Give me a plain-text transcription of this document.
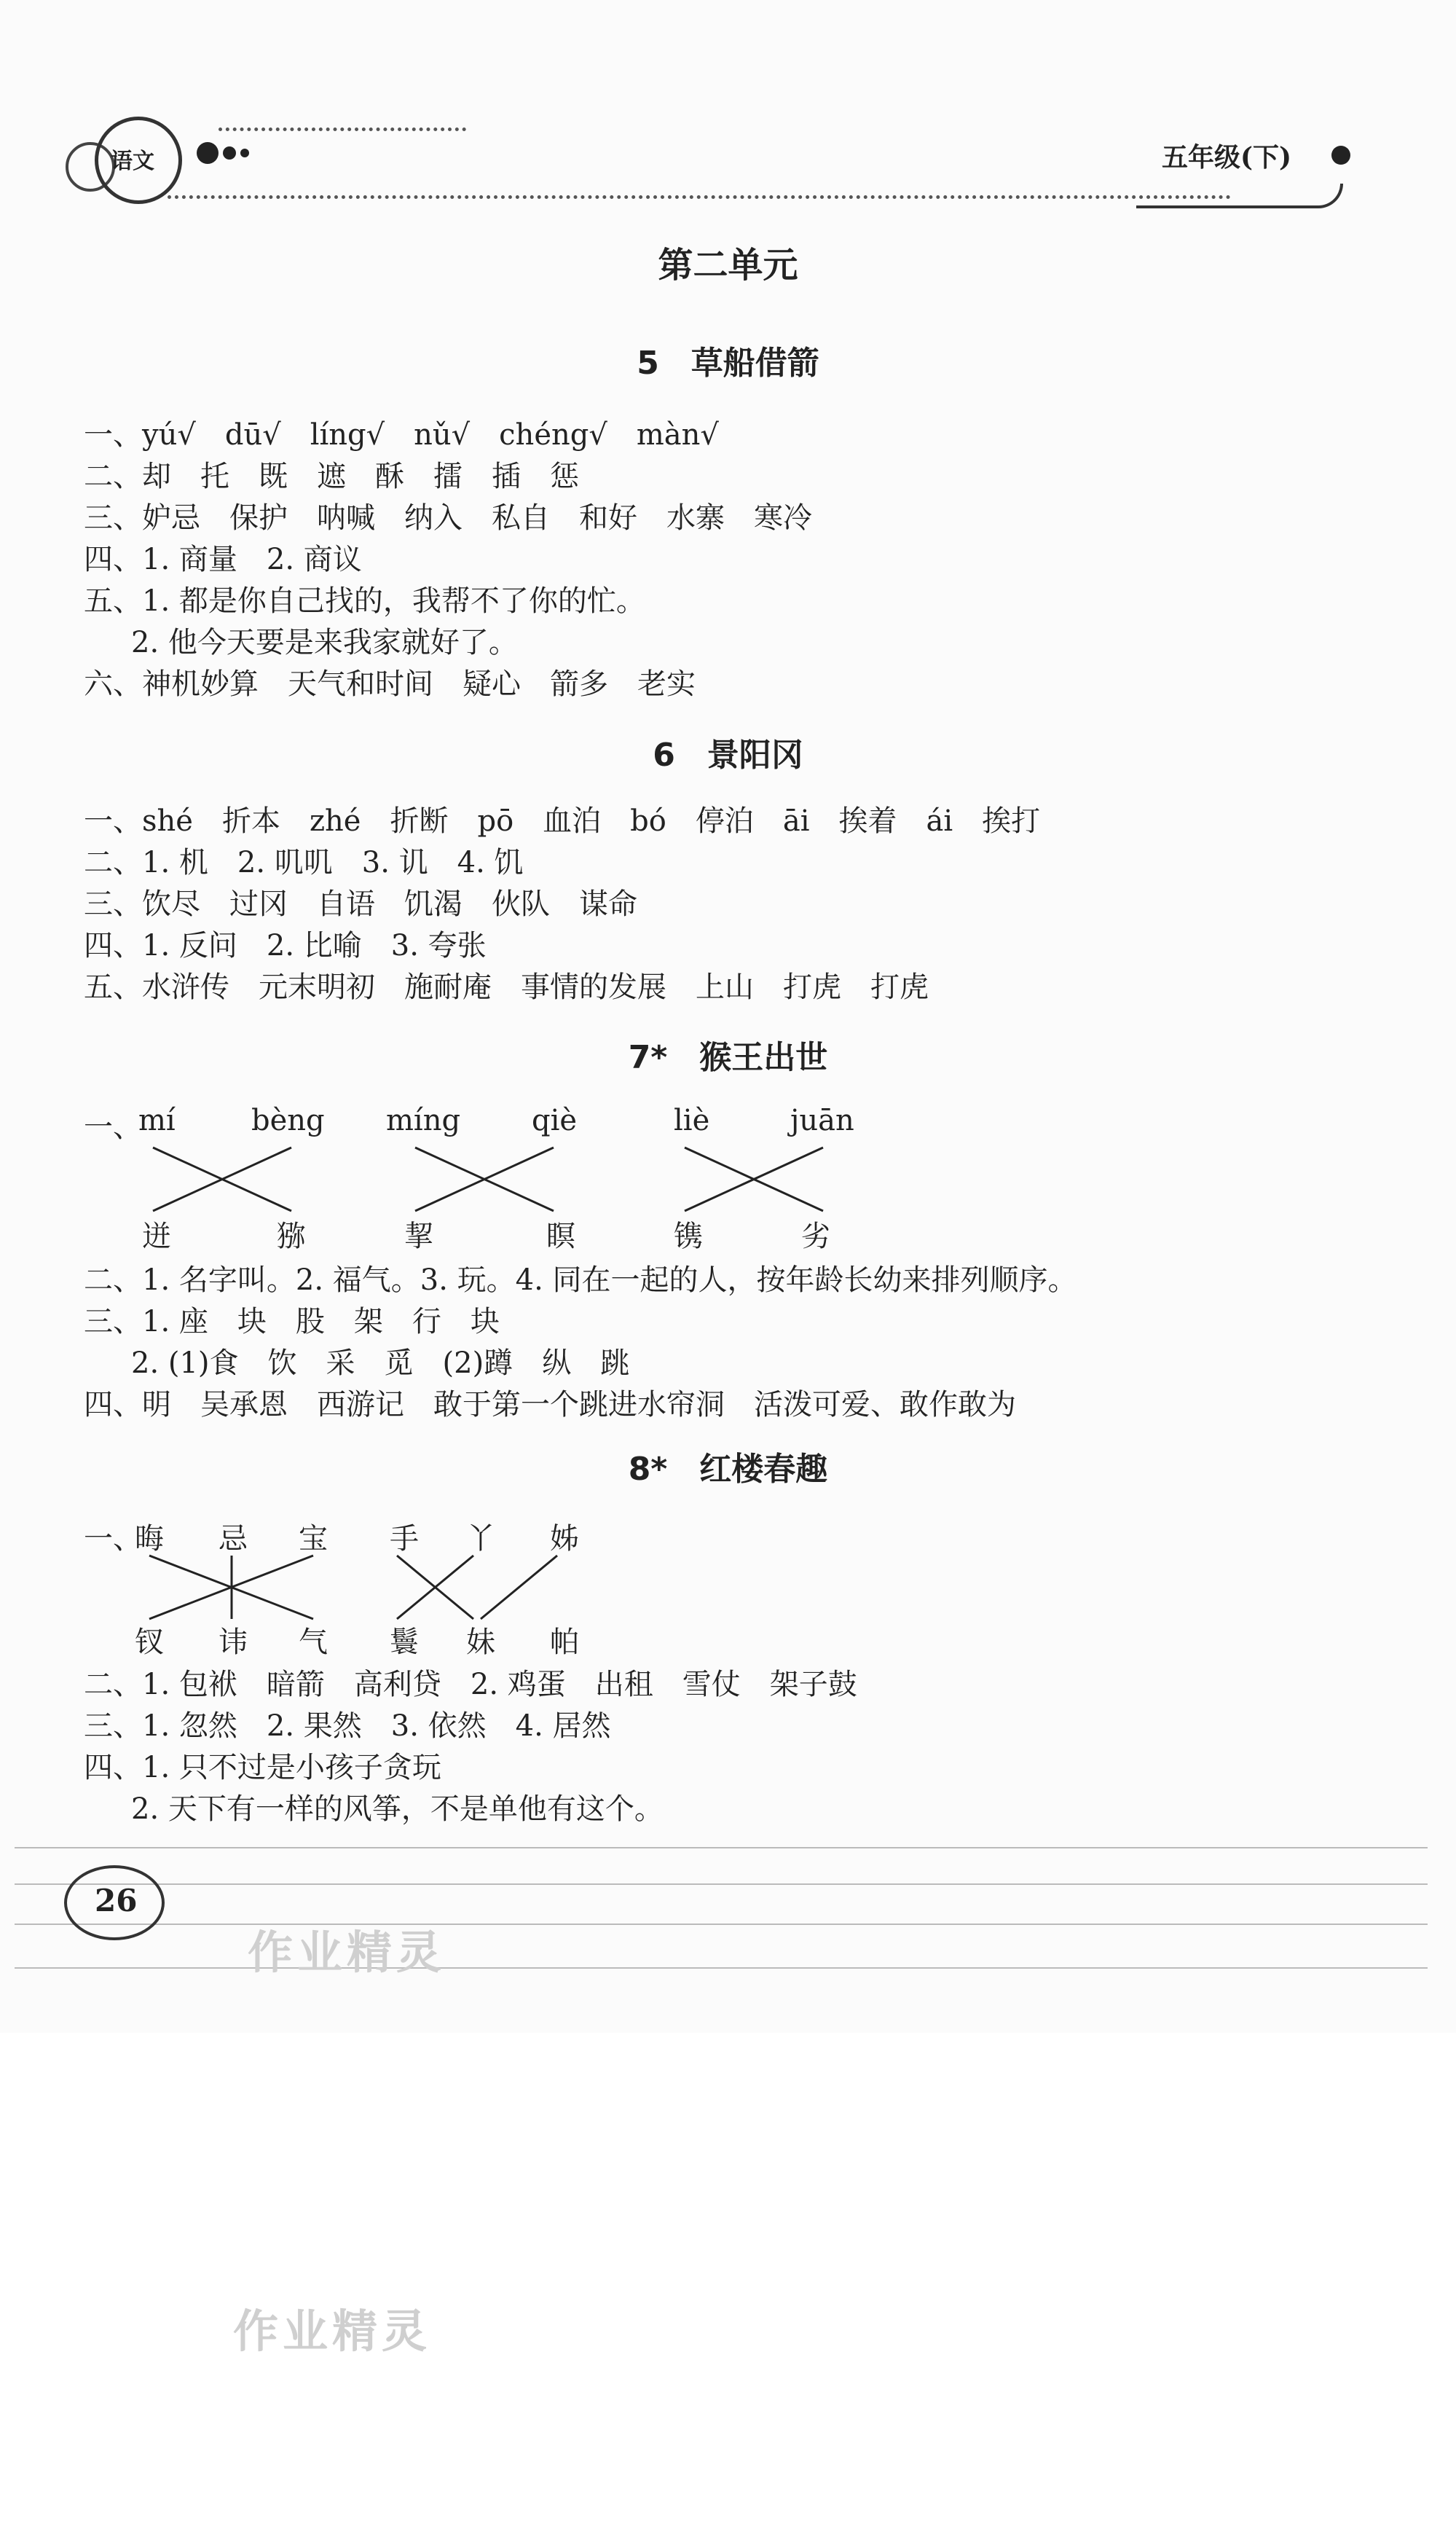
语文	五年级(下)
第二单元
5　草船借箭
一、yú√　dū√　líng√　nǔ√　chéng√　màn√
二、却　托　既　遮　酥　擂　插　惩
三、妒忌　保护　呐喊　纳入　私自　和好　水寨　寒冷
四、1. 商量　2. 商议
五、1. 都是你自己找的，我帮不了你的忙。
2. 他今天要是来我家就好了。
六、神机妙算　天气和时间　疑心　箭多　老实
6　景阳冈
一、shé　折本　zhé　折断　pō　血泊　bó　停泊　āi　挨着　ái　挨打
二、1. 机　2. 叽叽　3. 讥　4. 饥
三、饮尽　过冈　自语　饥渴　伙队　谋命
四、1. 反问　2. 比喻　3. 夸张
五、水浒传　元末明初　施耐庵　事情的发展　上山　打虎　打虎
7*　猴王出世
一、
mí	bèng míng qiè	liè	juān
迸	猕	挈	瞑	镌	劣
二、1. 名字叫。2. 福气。3. 玩。4. 同在一起的人，按年龄长幼来排列顺序。
三、1. 座　块　股　架　行　块
2. (1)食　饮　采　觅　(2)蹲　纵　跳
四、明　吴承恩　西游记　敢于第一个跳进水帘洞　活泼可爱、敢作敢为
8*　红楼春趣
一、
晦 忌 宝 手 丫 姊
钗 讳 气 鬟 妹 帕
二、1. 包袱　暗箭　高利贷　2. 鸡蛋　出租　雪仗　架子鼓
三、1. 忽然　2. 果然　3. 依然　4. 居然
四、1. 只不过是小孩子贪玩
2. 天下有一样的风筝，不是单他有这个。
26
作业精灵
作业精灵
